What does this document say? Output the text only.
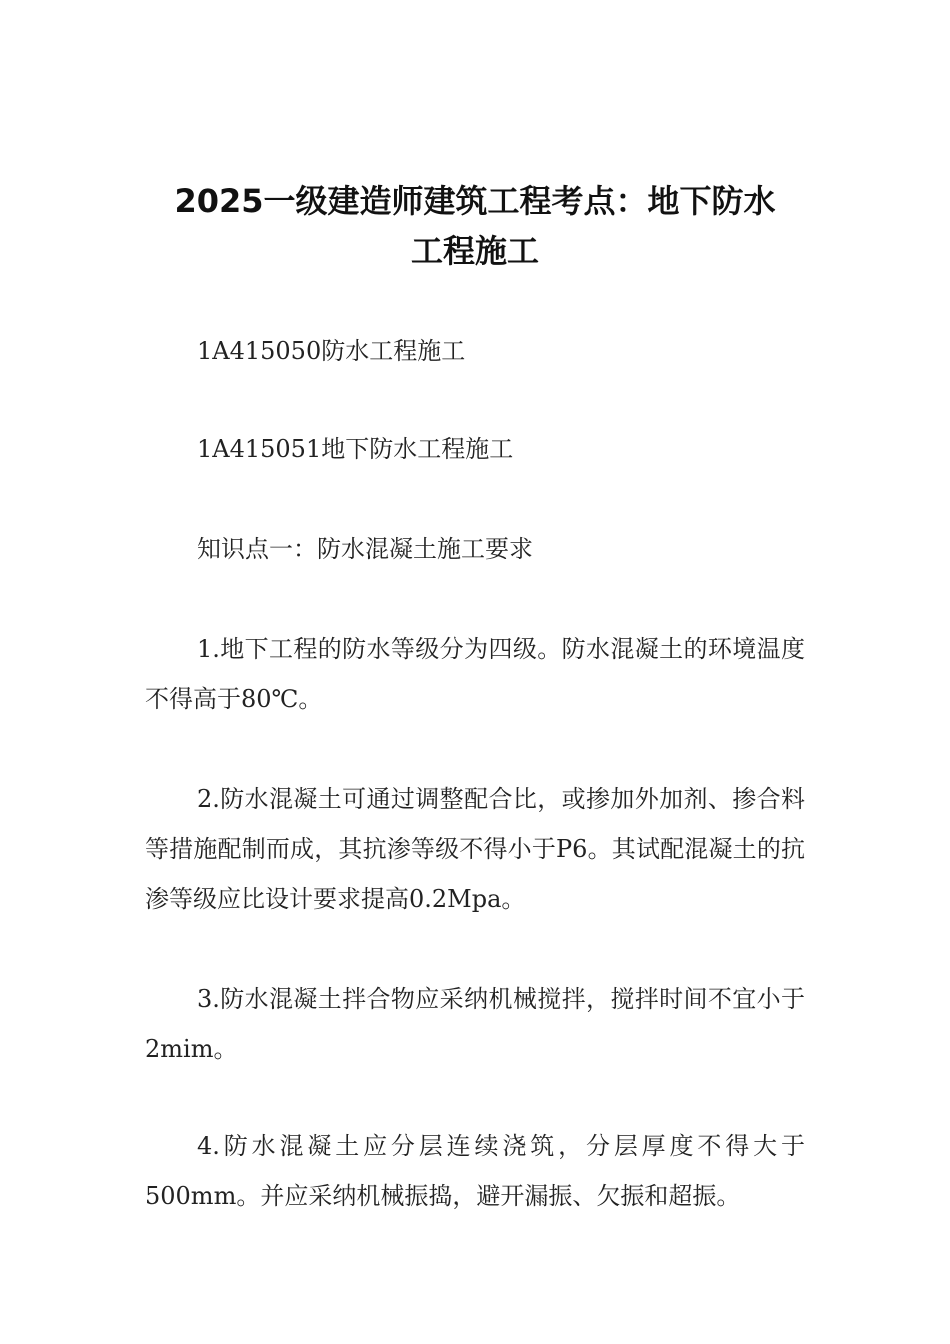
2025一级建造师建筑工程考点：地下防水
工程施工

1A415050防水工程施工

1A415051地下防水工程施工

知识点一：防水混凝土施工要求

1.地下工程的防水等级分为四级。防水混凝土的环境温度不得高于80℃。

2.防水混凝土可通过调整配合比，或掺加外加剂、掺合料等措施配制而成，其抗渗等级不得小于P6。其试配混凝土的抗渗等级应比设计要求提高0.2Mpa。

3.防水混凝土拌合物应采纳机械搅拌，搅拌时间不宜小于2mim。

4.防水混凝土应分层连续浇筑，分层厚度不得大于500mm。并应采纳机械振捣，避开漏振、欠振和超振。
